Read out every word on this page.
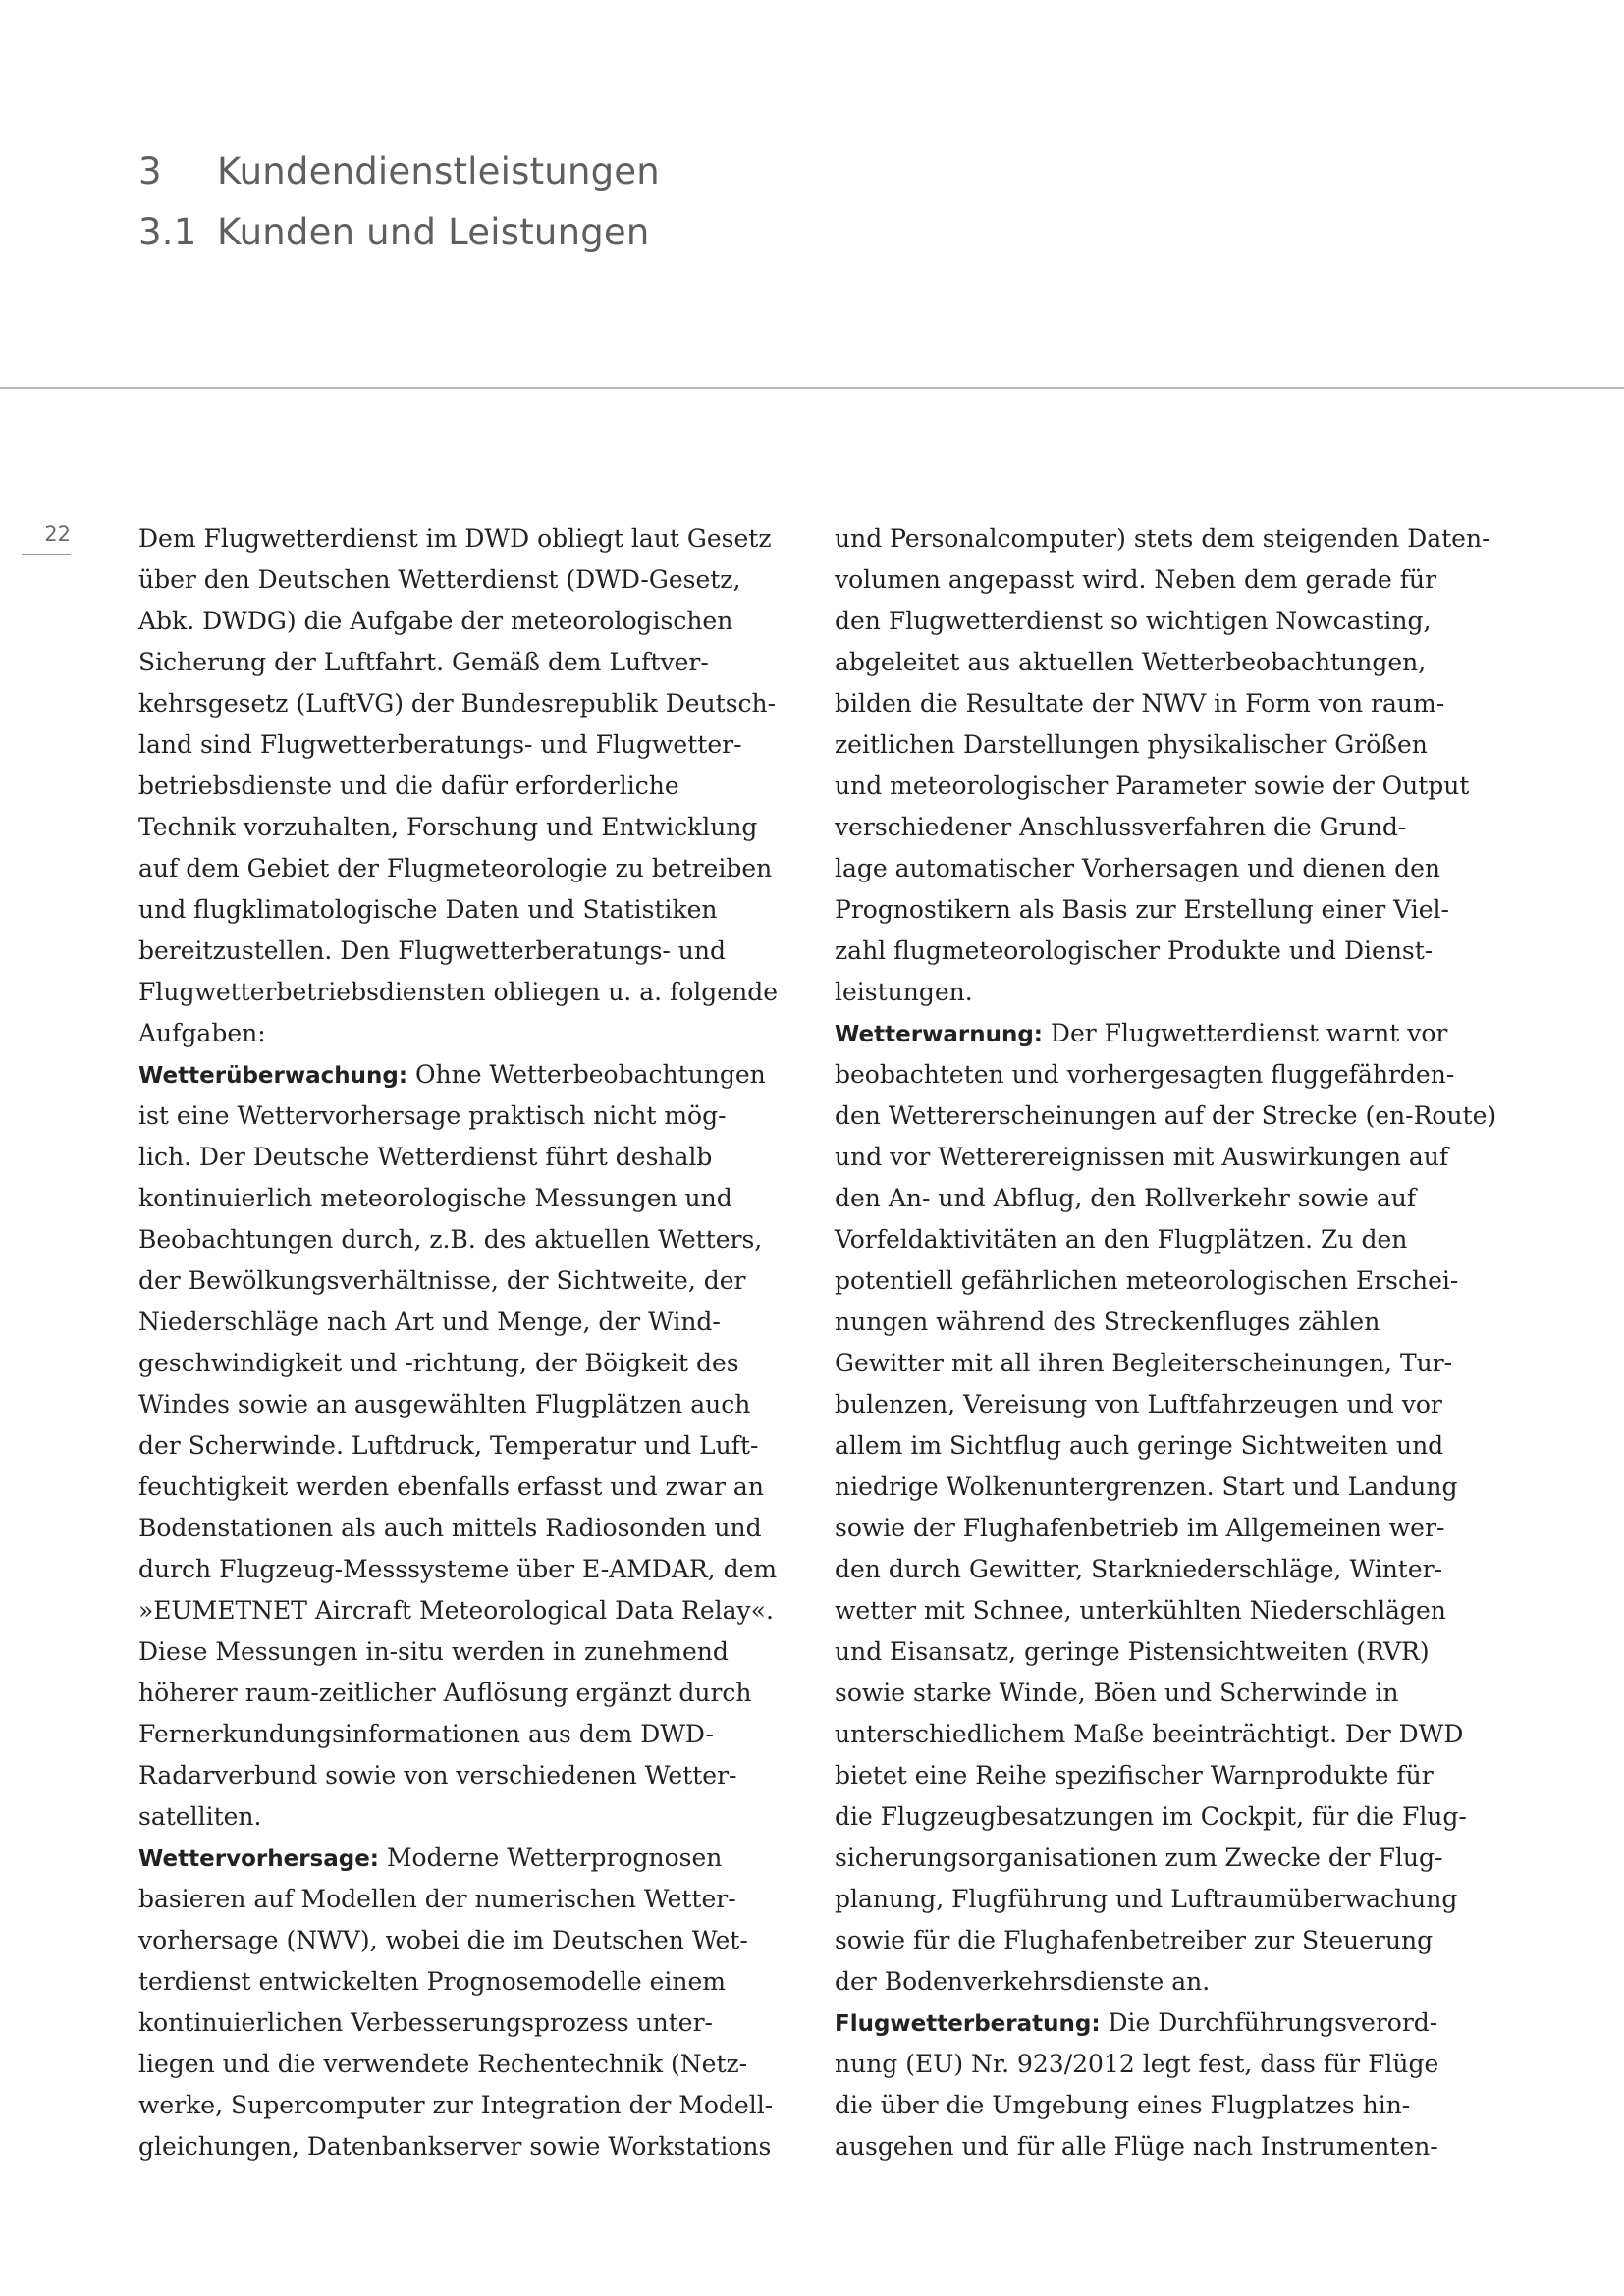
3 Kundendienstleistungen
3.1 Kunden und Leistungen
22	Dem Flugwetterdienst im DWD obliegt laut Gesetz
über den Deutschen Wetterdienst (DWD-Gesetz,
Abk. DWDG) die Aufgabe der meteorologischen
Sicherung der Luftfahrt. Gemäß dem Luftver-
kehrsgesetz (LuftVG) der Bundesrepublik Deutsch-
land sind Flugwetterberatungs- und Flugwetter-
betriebsdienste und die dafür erforderliche
Technik vorzuhalten, Forschung und Entwicklung
auf dem Gebiet der Flugmeteorologie zu betreiben
und flugklimatologische Daten und Statistiken
bereitzustellen. Den Flugwetterberatungs- und
Flugwetterbetriebsdiensten obliegen u. a. folgende
Aufgaben:
Wetterüberwachung: Ohne Wetterbeobachtungen
ist eine Wettervorhersage praktisch nicht mög-
lich. Der Deutsche Wetterdienst führt deshalb
kontinuierlich meteorologische Messungen und
Beobachtungen durch, z.B. des aktuellen Wetters,
der Bewölkungsverhältnisse, der Sichtweite, der
Niederschläge nach Art und Menge, der Wind-
geschwindigkeit und -richtung, der Böigkeit des
Windes sowie an ausgewählten Flugplätzen auch
der Scherwinde. Luftdruck, Temperatur und Luft-
feuchtigkeit werden ebenfalls erfasst und zwar an
Bodenstationen als auch mittels Radiosonden und
durch Flugzeug-Messsysteme über E-AMDAR, dem
»EUMETNET Aircraft Meteorological Data Relay«.
Diese Messungen in-situ werden in zunehmend
höherer raum-zeitlicher Auflösung ergänzt durch
Fernerkundungsinformationen aus dem DWD-
Radarverbund sowie von verschiedenen Wetter-
satelliten.
Wettervorhersage: Moderne Wetterprognosen
basieren auf Modellen der numerischen Wetter-
vorhersage (NWV), wobei die im Deutschen Wet-
terdienst entwickelten Prognosemodelle einem
kontinuierlichen Verbesserungsprozess unter-
liegen und die verwendete Rechentechnik (Netz-
werke, Supercomputer zur Integration der Modell-
gleichungen, Datenbankserver sowie Workstations
und Personalcomputer) stets dem steigenden Daten-
volumen angepasst wird. Neben dem gerade für
den Flugwetterdienst so wichtigen Nowcasting,
abgeleitet aus aktuellen Wetterbeobachtungen,
bilden die Resultate der NWV in Form von raum-
zeitlichen Darstellungen physikalischer Größen
und meteorologischer Parameter sowie der Output
verschiedener Anschlussverfahren die Grund-
lage automatischer Vorhersagen und dienen den
Prognostikern als Basis zur Erstellung einer Viel-
zahl flugmeteorologischer Produkte und Dienst-
leistungen.
Wetterwarnung: Der Flugwetterdienst warnt vor
beobachteten und vorhergesagten fluggefährden-
den Wettererscheinungen auf der Strecke (en-Route)
und vor Wetterereignissen mit Auswirkungen auf
den An- und Abflug, den Rollverkehr sowie auf
Vorfeldaktivitäten an den Flugplätzen. Zu den
potentiell gefährlichen meteorologischen Erschei-
nungen während des Streckenfluges zählen
Gewitter mit all ihren Begleiterscheinungen, Tur-
bulenzen, Vereisung von Luftfahrzeugen und vor
allem im Sichtflug auch geringe Sichtweiten und
niedrige Wolkenuntergrenzen. Start und Landung
sowie der Flughafenbetrieb im Allgemeinen wer-
den durch Gewitter, Starkniederschläge, Winter-
wetter mit Schnee, unterkühlten Niederschlägen
und Eisansatz, geringe Pistensichtweiten (RVR)
sowie starke Winde, Böen und Scherwinde in
unterschiedlichem Maße beeinträchtigt. Der DWD
bietet eine Reihe spezifischer Warnprodukte für
die Flugzeugbesatzungen im Cockpit, für die Flug-
sicherungsorganisationen zum Zwecke der Flug-
planung, Flugführung und Luftraumüberwachung
sowie für die Flughafenbetreiber zur Steuerung
der Bodenverkehrsdienste an.
Flugwetterberatung: Die Durchführungsverord-
nung (EU) Nr. 923/2012 legt fest, dass für Flüge
die über die Umgebung eines Flugplatzes hin-
ausgehen und für alle Flüge nach Instrumenten-
